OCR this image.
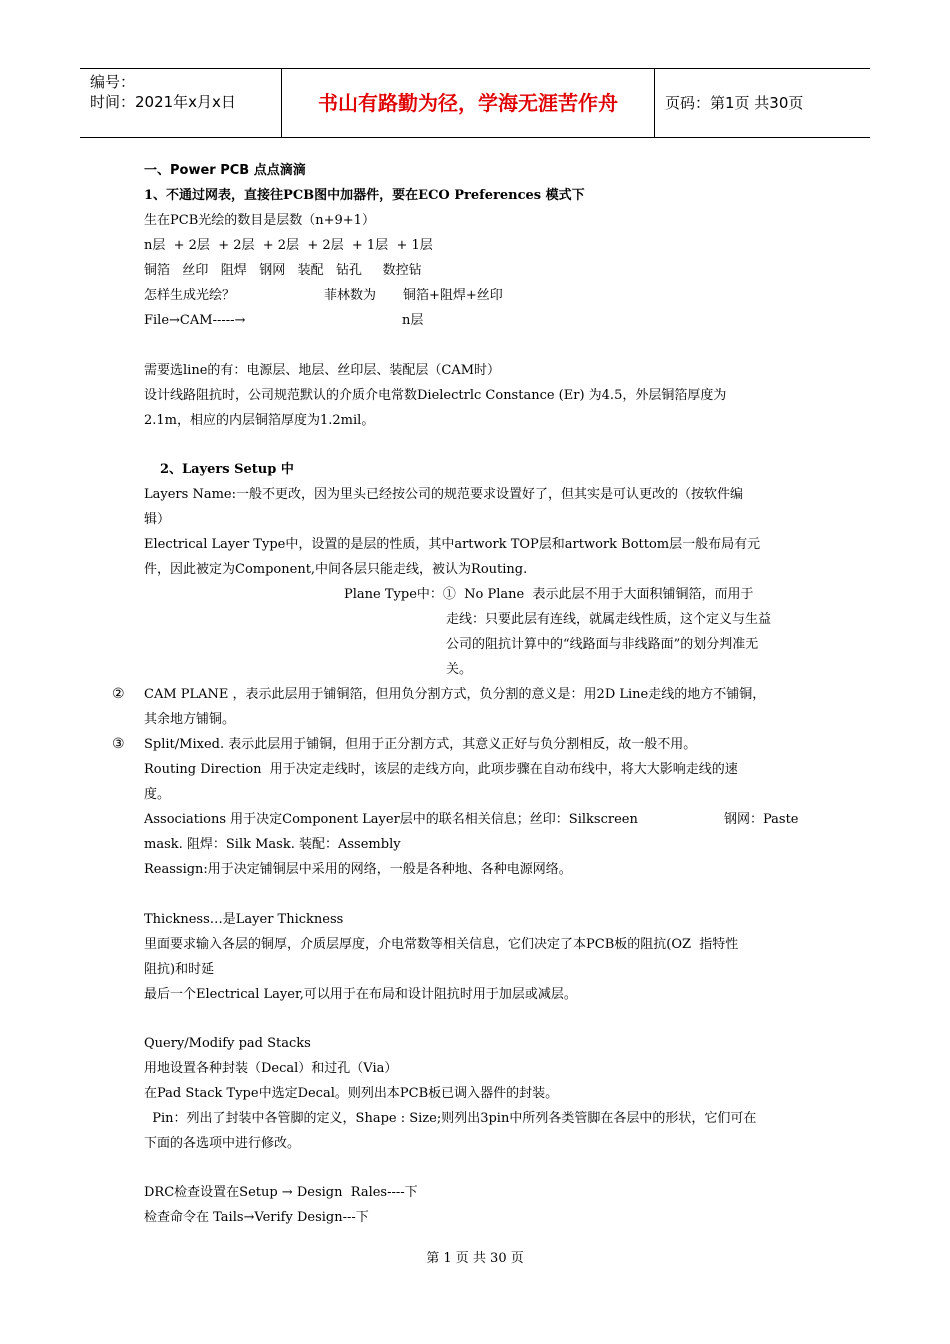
编号：
时间：2021年x月x日	书山有路勤为径，学海无涯苦作舟	页码：第1页 共30页
一、Power PCB 点点滴滴
1、不通过网表，直接往PCB图中加器件，要在ECO Preferences 模式下
生在PCB光绘的数目是层数（n+9+1）
n层  + 2层  + 2层  + 2层  + 2层  + 1层  + 1层
铜箔   丝印   阻焊   钢网   装配   钻孔     数控钻
怎样生成光绘？	菲林数为 铜箔+阻焊+丝印
File→CAM-----→	n层
需要选line的有：电源层、地层、丝印层、装配层（CAM时）
设计线路阻抗时，公司规范默认的介质介电常数Dielectrlc Constance (Er) 为4.5，外层铜箔厚度为
2.1m，相应的内层铜箔厚度为1.2mil。
2、Layers Setup 中
Layers Name:一般不更改，因为里头已经按公司的规范要求设置好了，但其实是可认更改的（按软件编
辑）
Electrical Layer Type中，设置的是层的性质，其中artwork TOP层和artwork Bottom层一般布局有元
件，因此被定为Component,中间各层只能走线，被认为Routing.
Plane Type中：①  No Plane  表示此层不用于大面积铺铜箔，而用于
走线：只要此层有连线，就属走线性质，这个定义与生益
公司的阻抗计算中的“线路面与非线路面”的划分判准无
关。
② CAM PLANE ，表示此层用于铺铜箔，但用负分割方式，负分割的意义是：用2D Line走线的地方不铺铜，
其余地方铺铜。
③ Split/Mixed. 表示此层用于铺铜，但用于正分割方式，其意义正好与负分割相反，故一般不用。
Routing Direction  用于决定走线时，该层的走线方向，此项步骤在自动布线中，将大大影响走线的速
度。
Associations 用于决定Component Layer层中的联名相关信息；丝印：Silkscreen	钢网：Paste
mask. 阻焊：Silk Mask. 装配：Assembly
Reassign:用于决定铺铜层中采用的网络，一般是各种地、各种电源网络。
Thickness…是Layer Thickness
里面要求输入各层的铜厚，介质层厚度，介电常数等相关信息，它们决定了本PCB板的阻抗(OZ  指特性
阻抗)和时延
最后一个Electrical Layer,可以用于在布局和设计阻抗时用于加层或减层。
Query/Modify pad Stacks
用地设置各种封装（Decal）和过孔（Via）
在Pad Stack Type中选定Decal。则列出本PCB板已调入器件的封装。
Pin：列出了封装中各管脚的定义，Shape : Size;则列出3pin中所列各类管脚在各层中的形状，它们可在
下面的各选项中进行修改。
DRC检查设置在Setup → Design  Rales----下
检查命令在 Tails→Verify Design---下
第 1 页 共 30 页
